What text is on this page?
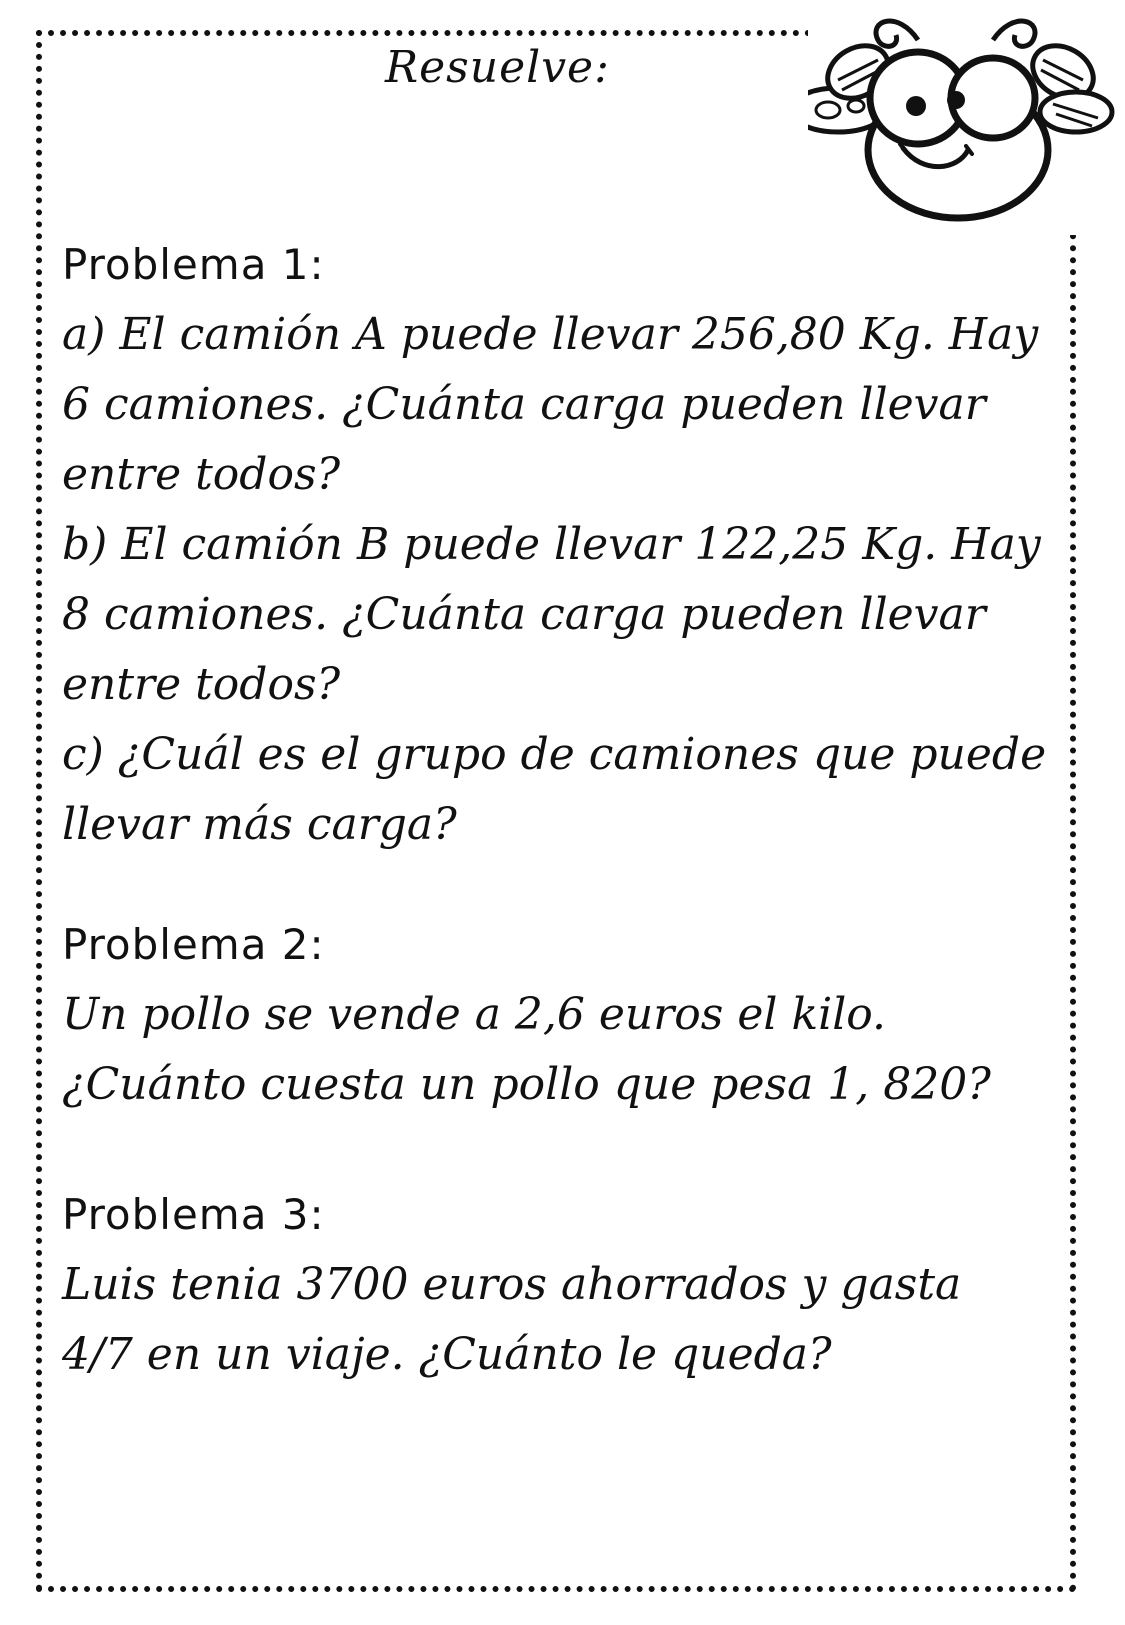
Resuelve:
Problema 1:
a) El camión A puede llevar 256,80 Kg. Hay
6 camiones. ¿Cuánta carga pueden llevar
entre todos?
b) El camión B puede llevar 122,25 Kg. Hay
8 camiones. ¿Cuánta carga pueden llevar
entre todos?
c) ¿Cuál es el grupo de camiones que puede
llevar más carga?
Problema 2:
Un pollo se vende a 2,6 euros el kilo.
¿Cuánto cuesta un pollo que pesa 1, 820?
Problema 3:
Luis tenia 3700 euros ahorrados y gasta
4/7 en un viaje. ¿Cuánto le queda?
